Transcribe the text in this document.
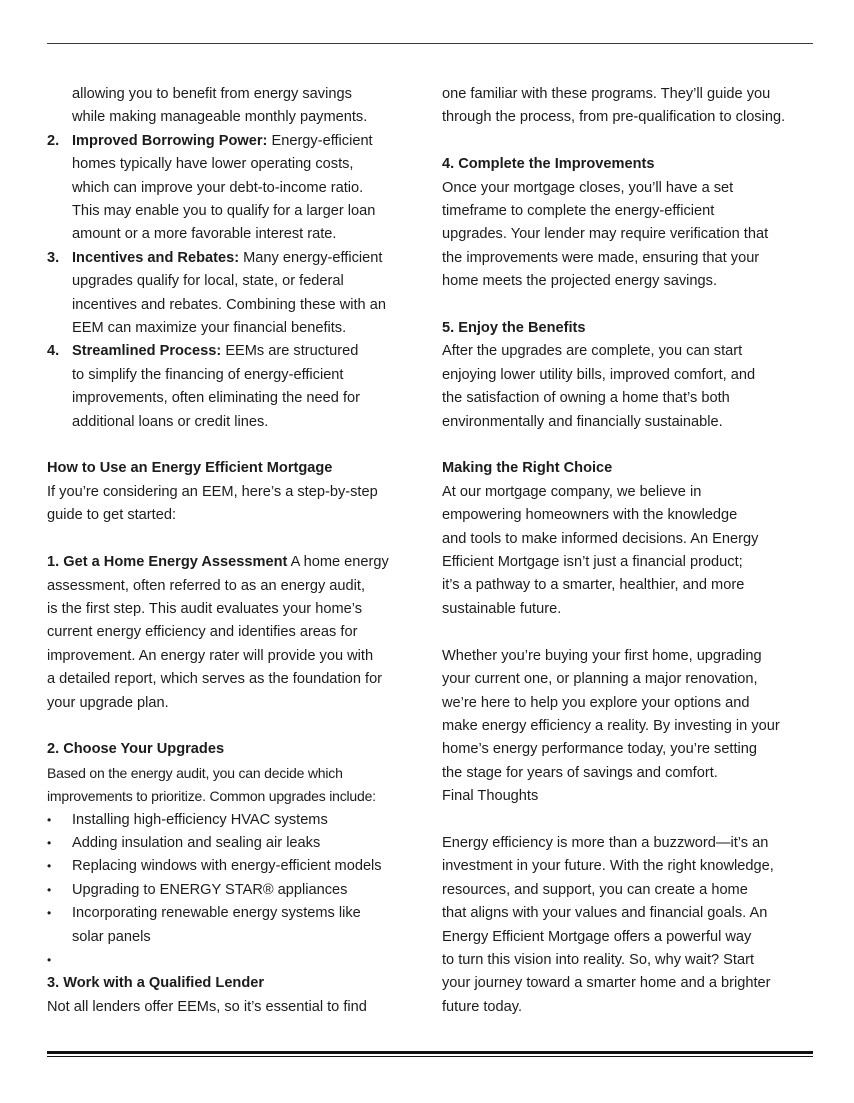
allowing you to benefit from energy savings
while making manageable monthly payments.
2. Improved Borrowing Power: Energy-efficient
homes typically have lower operating costs,
which can improve your debt-to-income ratio.
This may enable you to qualify for a larger loan
amount or a more favorable interest rate.
3. Incentives and Rebates: Many energy-efficient
upgrades qualify for local, state, or federal
incentives and rebates. Combining these with an
EEM can maximize your financial benefits.
4. Streamlined Process: EEMs are structured
to simplify the financing of energy-efficient
improvements, often eliminating the need for
additional loans or credit lines.
How to Use an Energy Efficient Mortgage
If you’re considering an EEM, here’s a step-by-step
guide to get started:
1. Get a Home Energy Assessment A home energy
assessment, often referred to as an energy audit,
is the first step. This audit evaluates your home’s
current energy efficiency and identifies areas for
improvement. An energy rater will provide you with
a detailed report, which serves as the foundation for
your upgrade plan.
2. Choose Your Upgrades
Based on the energy audit, you can decide which
improvements to prioritize. Common upgrades include:
• Installing high-efficiency HVAC systems
• Adding insulation and sealing air leaks
• Replacing windows with energy-efficient models
• Upgrading to ENERGY STAR® appliances
• Incorporating renewable energy systems like
solar panels
•

3. Work with a Qualified Lender
Not all lenders offer EEMs, so it’s essential to find
one familiar with these programs. They’ll guide you
through the process, from pre-qualification to closing.
4. Complete the Improvements
Once your mortgage closes, you’ll have a set
timeframe to complete the energy-efficient
upgrades. Your lender may require verification that
the improvements were made, ensuring that your
home meets the projected energy savings.
5. Enjoy the Benefits
After the upgrades are complete, you can start
enjoying lower utility bills, improved comfort, and
the satisfaction of owning a home that’s both
environmentally and financially sustainable.
Making the Right Choice
At our mortgage company, we believe in
empowering homeowners with the knowledge
and tools to make informed decisions. An Energy
Efficient Mortgage isn’t just a financial product;
it’s a pathway to a smarter, healthier, and more
sustainable future.
Whether you’re buying your first home, upgrading
your current one, or planning a major renovation,
we’re here to help you explore your options and
make energy efficiency a reality. By investing in your
home’s energy performance today, you’re setting
the stage for years of savings and comfort.
Final Thoughts
Energy efficiency is more than a buzzword—it’s an
investment in your future. With the right knowledge,
resources, and support, you can create a home
that aligns with your values and financial goals. An
Energy Efficient Mortgage offers a powerful way
to turn this vision into reality. So, why wait? Start
your journey toward a smarter home and a brighter
future today.
